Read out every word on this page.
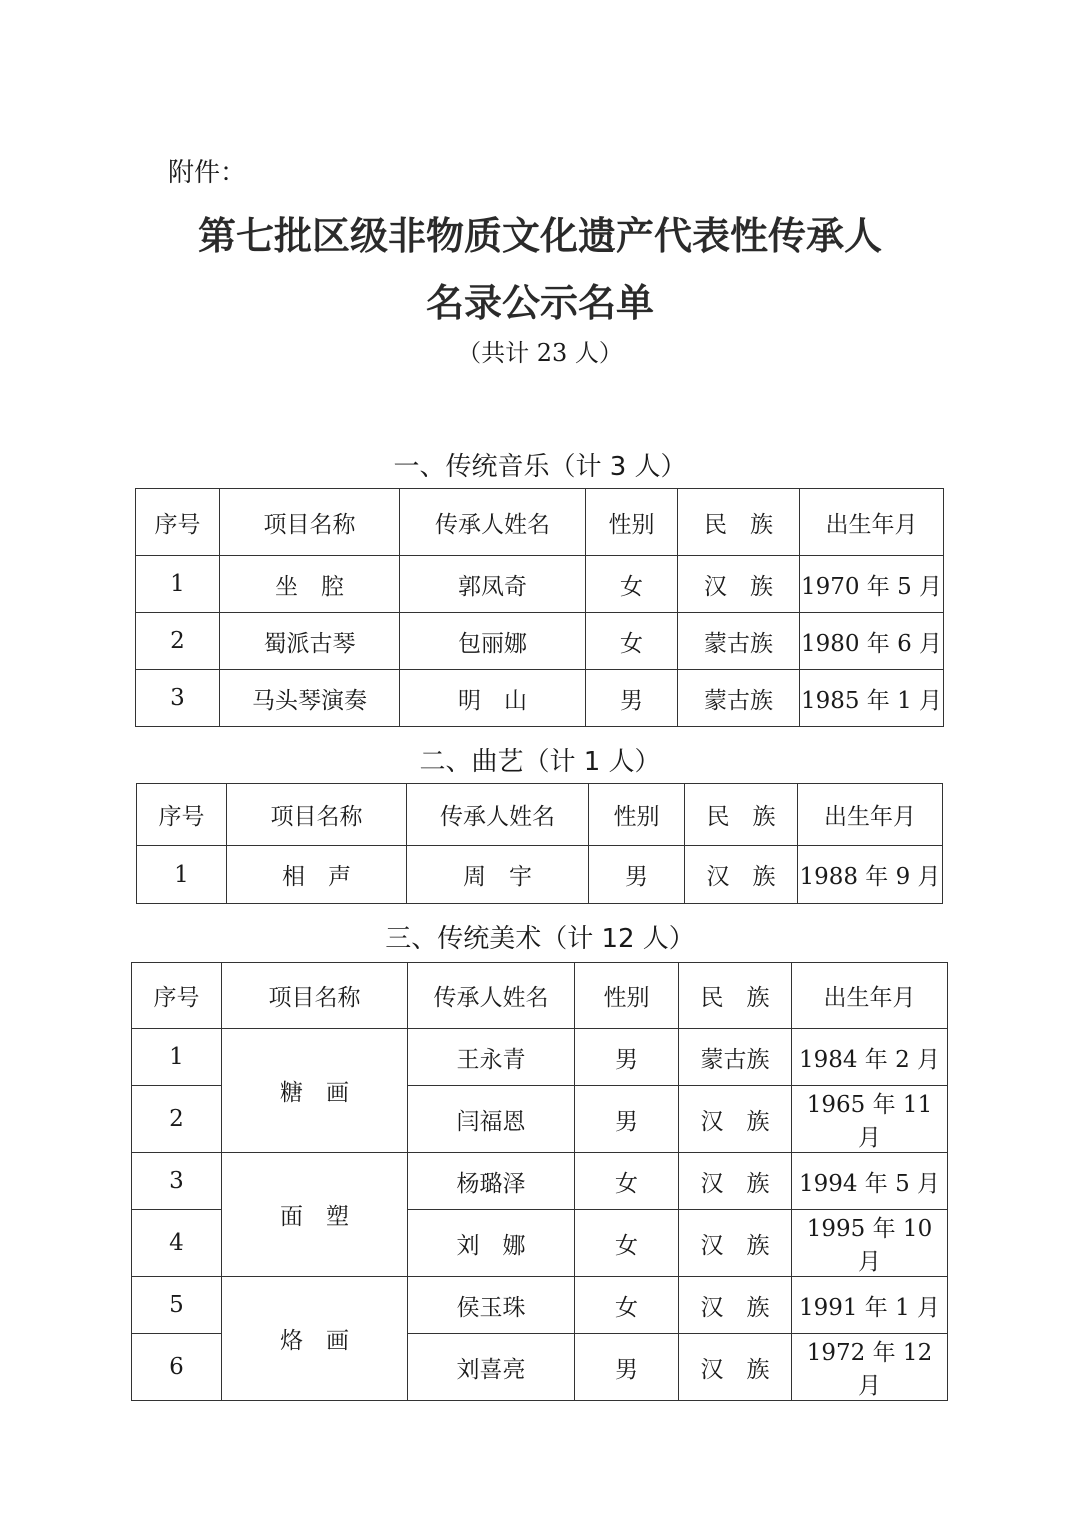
附件：
第七批区级非物质文化遗产代表性传承人
名录公示名单
（共计 23 人）
一、传统音乐（计 3 人）
序号	项目名称	传承人姓名	性别	民　族	出生年月
1	坐　腔	郭凤奇	女	汉　族	1970 年 5 月
2	蜀派古琴	包丽娜	女	蒙古族	1980 年 6 月
3	马头琴演奏	明　山	男	蒙古族	1985 年 1 月
二、曲艺（计 1 人）
序号	项目名称	传承人姓名	性别	民　族	出生年月
1	相　声	周　宇	男	汉　族	1988 年 9 月
三、传统美术（计 12 人）
序号	项目名称	传承人姓名	性别	民　族	出生年月
1	糖　画	王永青	男	蒙古族	1984 年 2 月
2		闫福恩	男	汉　族	1965 年 11 月
3	面　塑	杨璐泽	女	汉　族	1994 年 5 月
4		刘　娜	女	汉　族	1995 年 10 月
5	烙　画	侯玉珠	女	汉　族	1991 年 1 月
6		刘喜亮	男	汉　族	1972 年 12 月
